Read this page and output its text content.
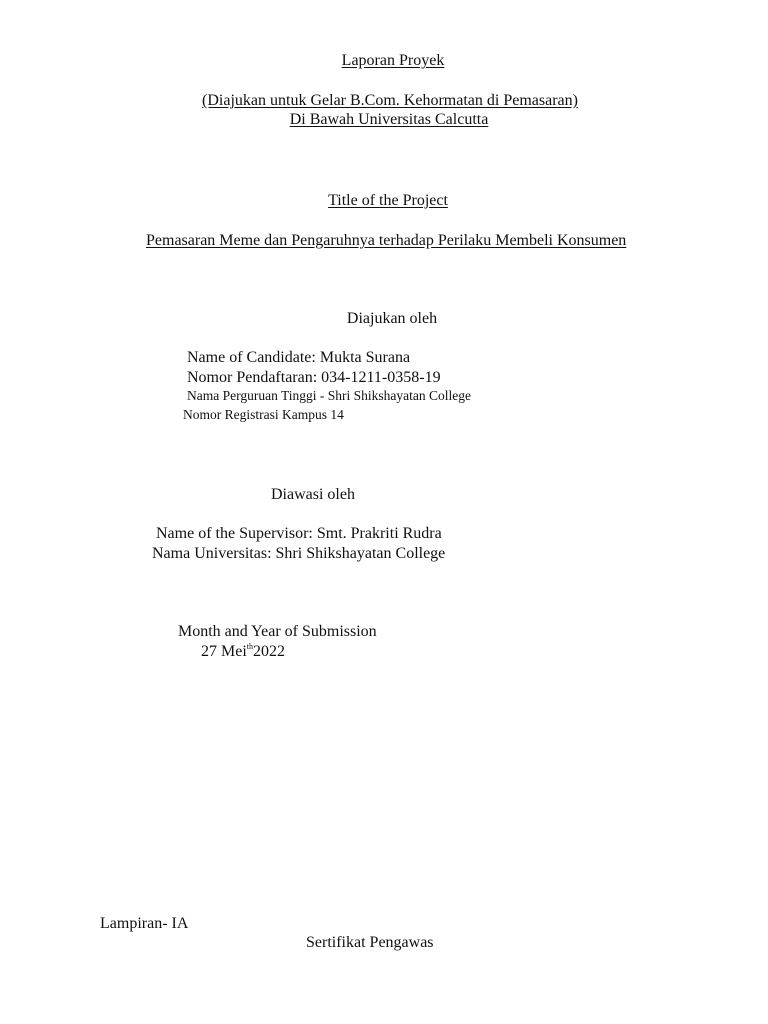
Laporan Proyek
(Diajukan untuk Gelar B.Com. Kehormatan di Pemasaran)
Di Bawah Universitas Calcutta
Title of the Project
Pemasaran Meme dan Pengaruhnya terhadap Perilaku Membeli Konsumen
Diajukan oleh
Name of Candidate: Mukta Surana
Nomor Pendaftaran: 034-1211-0358-19
Nama Perguruan Tinggi - Shri Shikshayatan College
Nomor Registrasi Kampus 14
Diawasi oleh
Name of the Supervisor: Smt. Prakriti Rudra
Nama Universitas: Shri Shikshayatan College
Month and Year of Submission
27 Mei$^{th}$2022
Lampiran- IA
Sertifikat Pengawas
